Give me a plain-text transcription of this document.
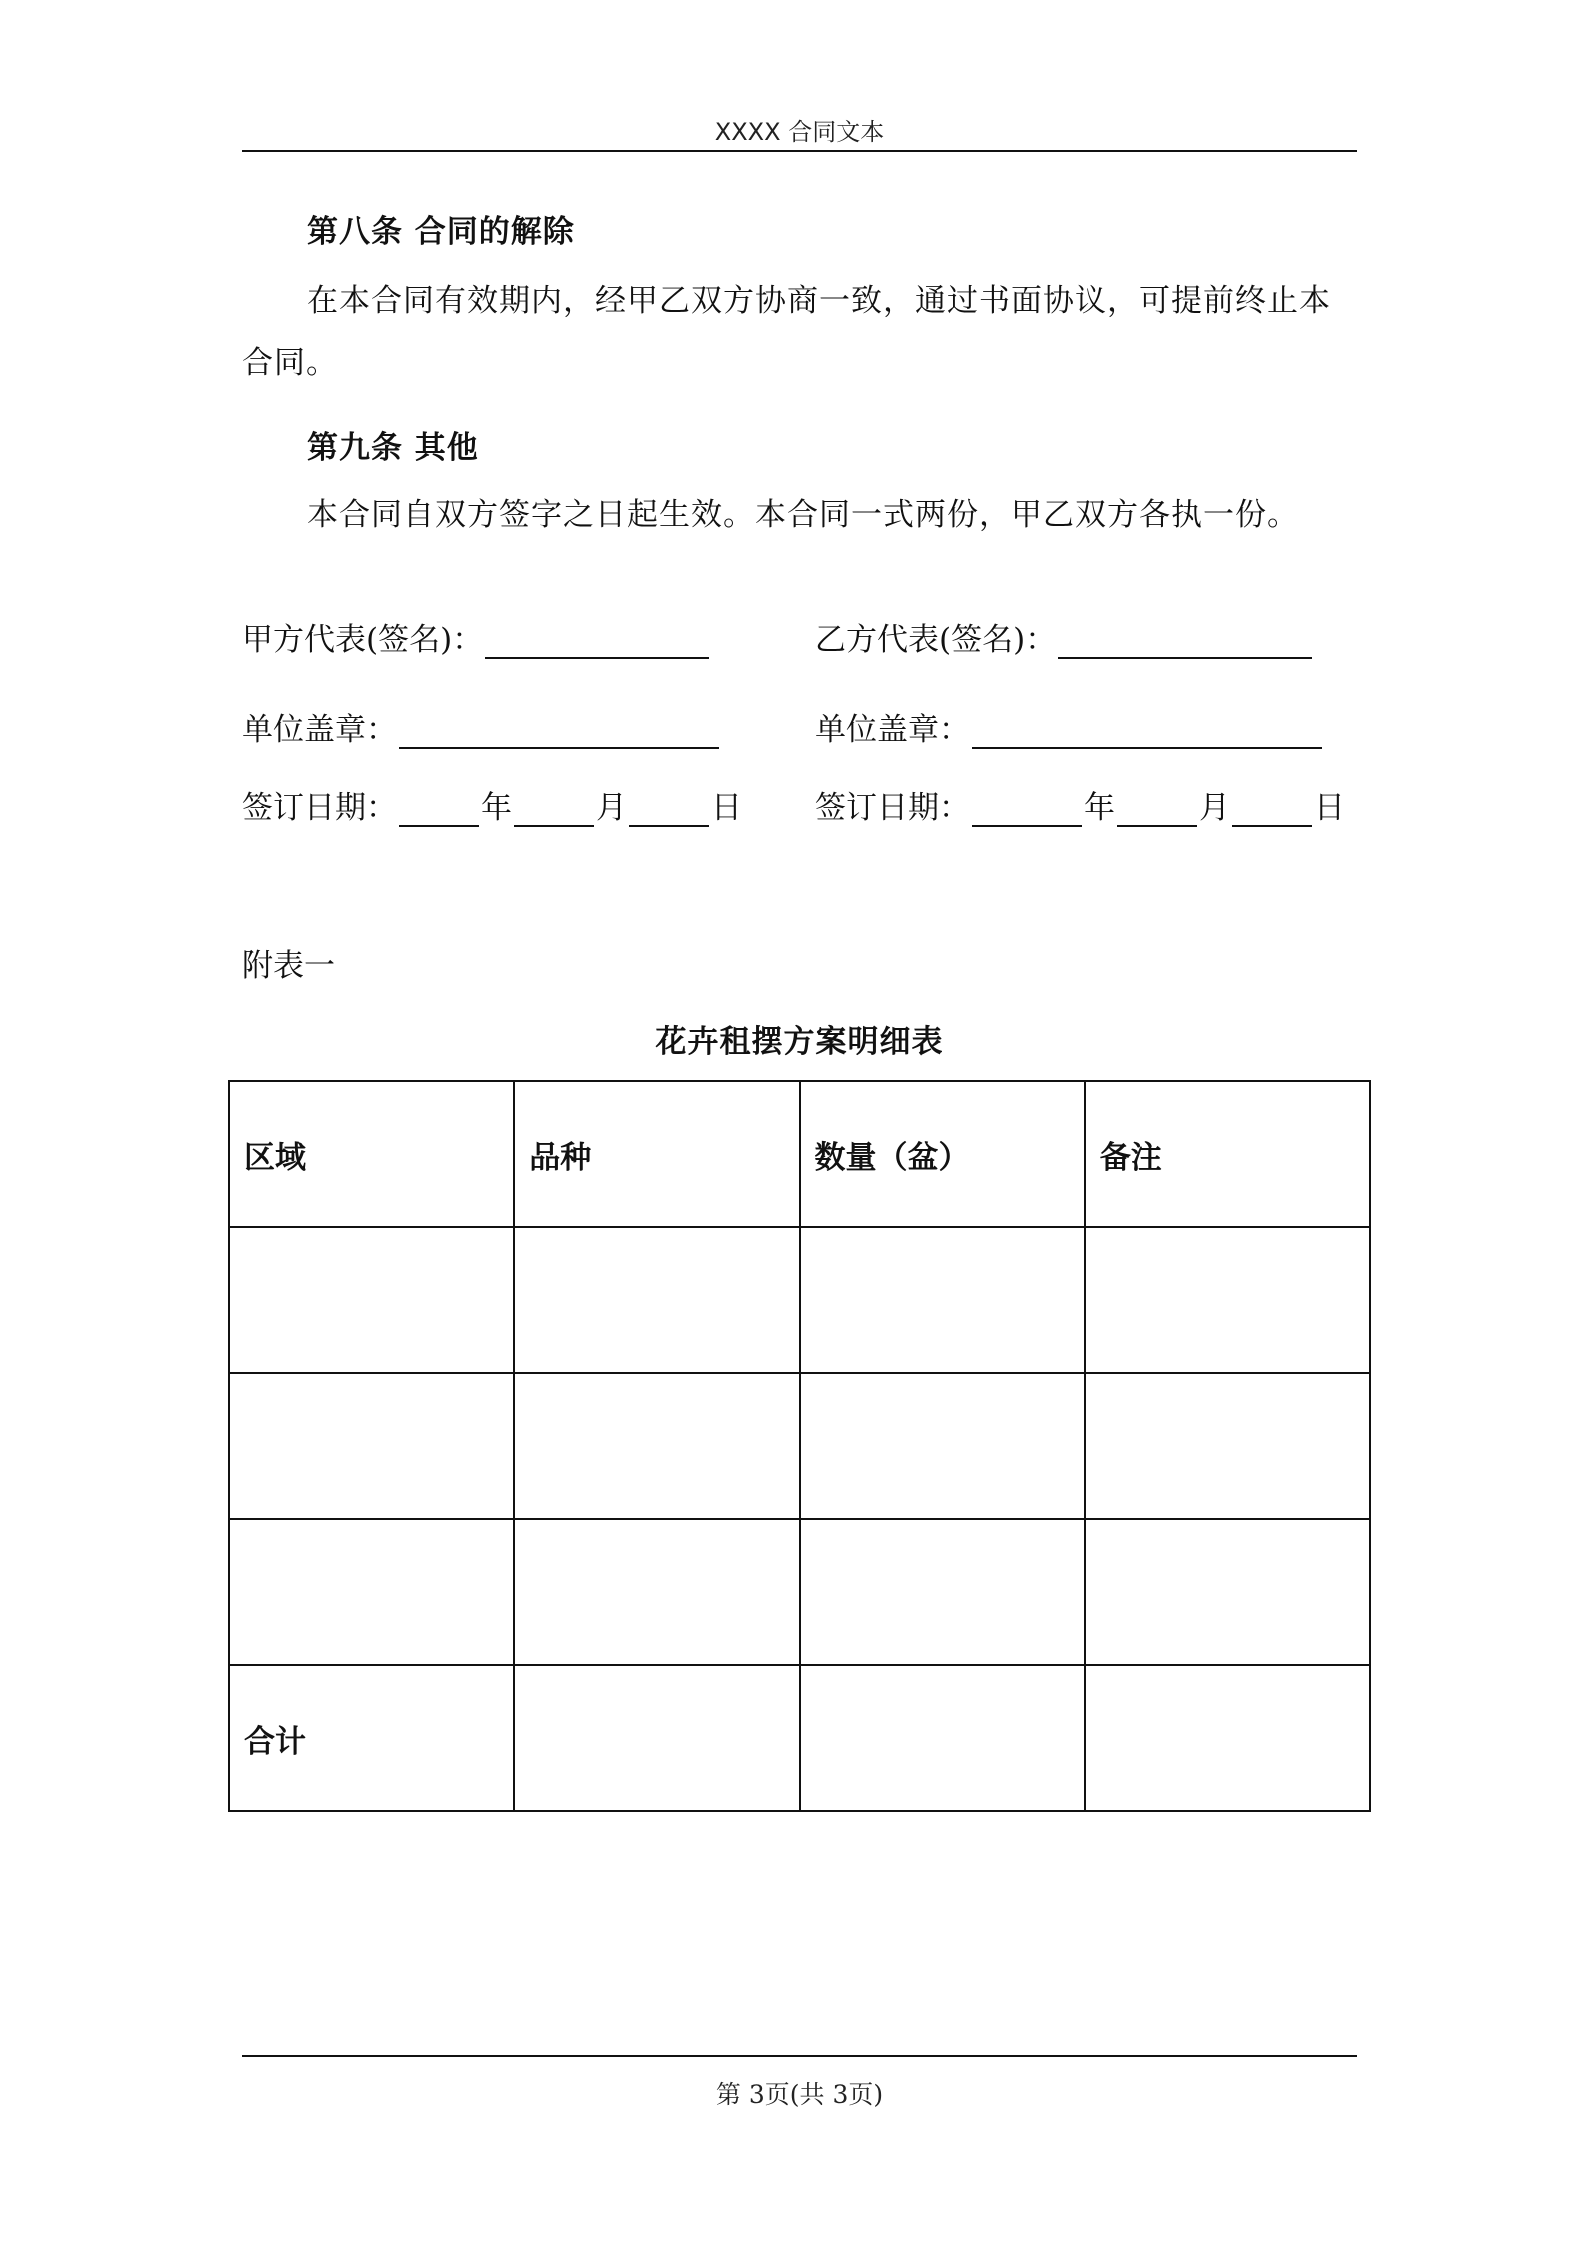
XXXX 合同文本
第八条 合同的解除
在本合同有效期内，经甲乙双方协商一致，通过书面协议，可提前终止本合同。
第九条 其他
本合同自双方签字之日起生效。本合同一式两份，甲乙双方各执一份。
甲方代表(签名)：	乙方代表(签名)：
单位盖章：	单位盖章：
签订日期：	年	月	日 签订日期：	年	月	日
附表一
花卉租摆方案明细表
区域	品种	数量（盆）	备注

合计			
第 3页(共 3页)
